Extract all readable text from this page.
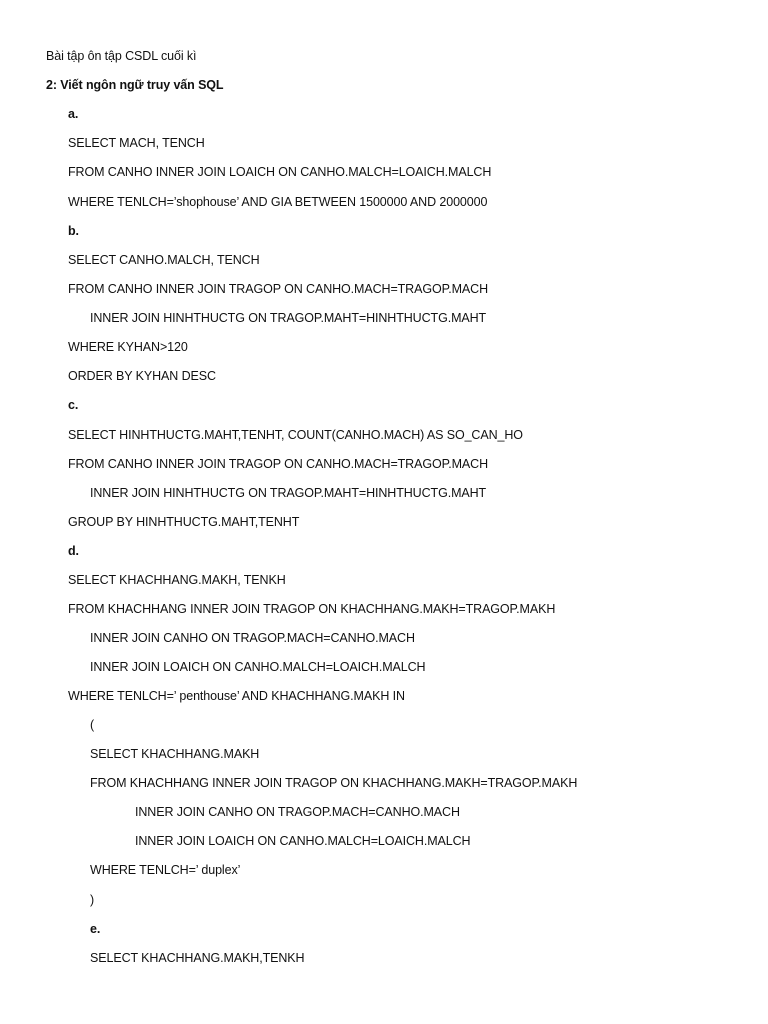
Bài tập ôn tập CSDL cuối kì
2: Viết ngôn ngữ truy vấn SQL
a.
SELECT MACH, TENCH
FROM CANHO INNER JOIN LOAICH ON CANHO.MALCH=LOAICH.MALCH
WHERE TENLCH=’shophouse’ AND GIA BETWEEN 1500000 AND 2000000
b.
SELECT CANHO.MALCH, TENCH
FROM CANHO INNER JOIN TRAGOP ON CANHO.MACH=TRAGOP.MACH
INNER JOIN HINHTHUCTG ON TRAGOP.MAHT=HINHTHUCTG.MAHT
WHERE KYHAN>120
ORDER BY KYHAN DESC
c.
SELECT HINHTHUCTG.MAHT,TENHT, COUNT(CANHO.MACH) AS SO_CAN_HO
FROM CANHO INNER JOIN TRAGOP ON CANHO.MACH=TRAGOP.MACH
INNER JOIN HINHTHUCTG ON TRAGOP.MAHT=HINHTHUCTG.MAHT
GROUP BY HINHTHUCTG.MAHT,TENHT
d.
SELECT KHACHHANG.MAKH, TENKH
FROM KHACHHANG INNER JOIN TRAGOP ON KHACHHANG.MAKH=TRAGOP.MAKH
INNER JOIN CANHO ON TRAGOP.MACH=CANHO.MACH
INNER JOIN LOAICH ON CANHO.MALCH=LOAICH.MALCH
WHERE TENLCH=’ penthouse’ AND KHACHHANG.MAKH IN
(
SELECT KHACHHANG.MAKH
FROM KHACHHANG INNER JOIN TRAGOP ON KHACHHANG.MAKH=TRAGOP.MAKH
INNER JOIN CANHO ON TRAGOP.MACH=CANHO.MACH
INNER JOIN LOAICH ON CANHO.MALCH=LOAICH.MALCH
WHERE TENLCH=’ duplex’
)
e.
SELECT KHACHHANG.MAKH,TENKH
